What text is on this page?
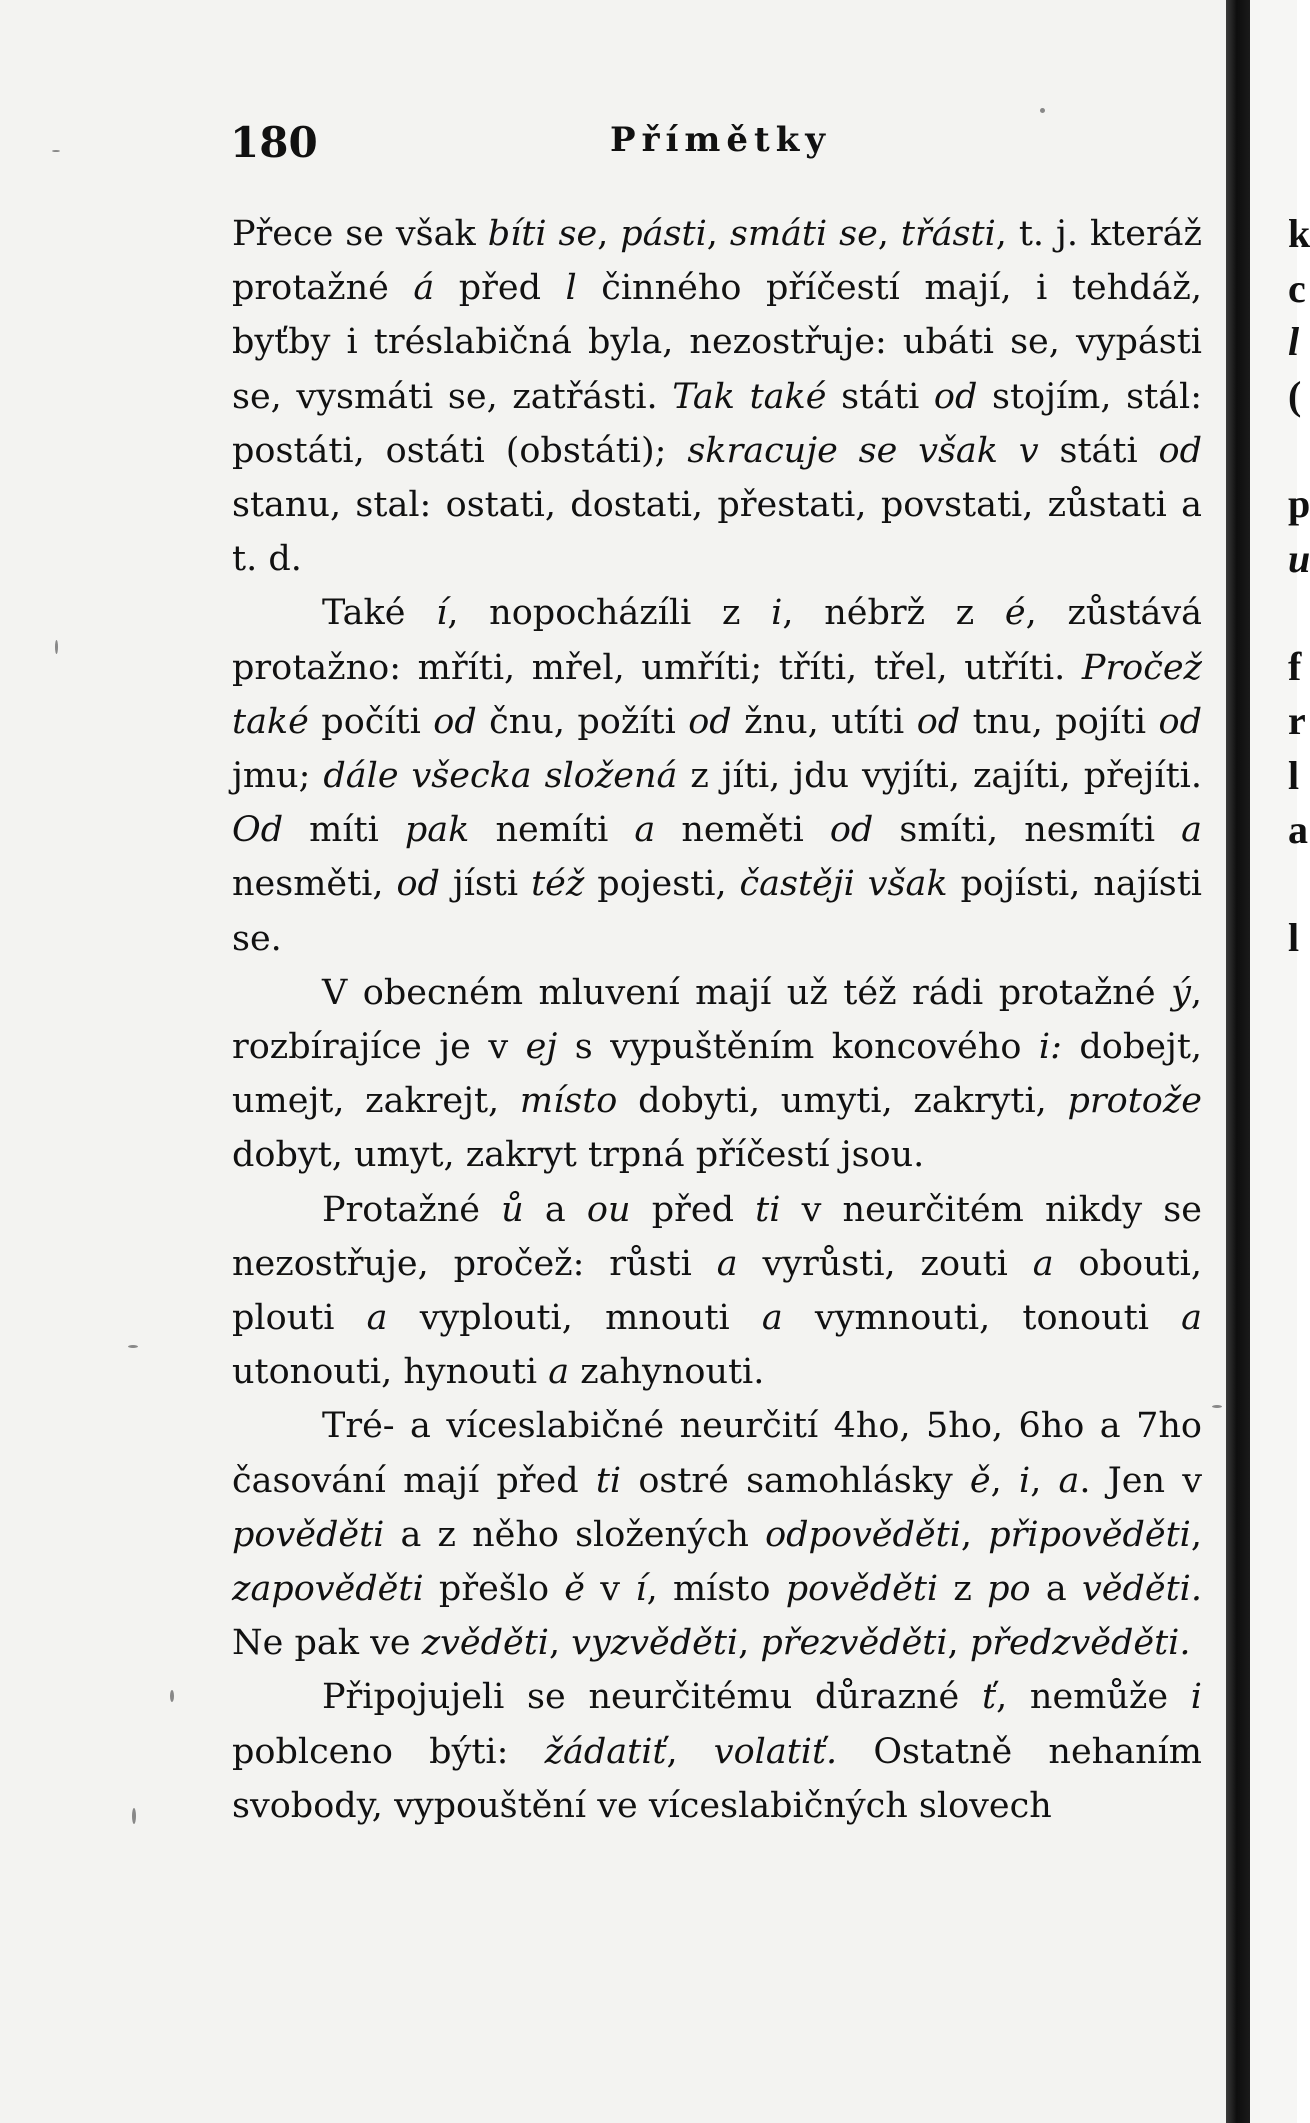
180	Přímětky

Přece se však bíti se, pásti, smáti se, třásti, t. j. kteráž protažné á před l činného příčestí mají, i tehdáž, byťby i tréslabičná byla, nezostřuje: ubáti se, vypásti se, vysmáti se, zatřásti. Tak také státi od stojím, stál: postáti, ostáti (obstáti); skracuje se však v státi od stanu, stal: ostati, dostati, přestati, povstati, zůstati a t. d.

Také í, nopocházíli z i, nébrž z é, zůstává protažno: mříti, mřel, umříti; tříti, třel, utříti. Pročež také počíti od čnu, požíti od žnu, utíti od tnu, pojíti od jmu; dále všecka složená z jíti, jdu vyjíti, zajíti, přejíti. Od míti pak nemíti a neměti od smíti, nesmíti a nesměti, od jísti též pojesti, častěji však pojísti, najísti se.

V obecném mluvení mají už též rádi protažné ý, rozbírajíce je v ej s vypuštěním koncového i: dobejt, umejt, zakrejt, místo dobyti, umyti, zakryti, protože dobyt, umyt, zakryt trpná příčestí jsou.

Protažné ů a ou před ti v neurčitém nikdy se nezostřuje, pročež: růsti a vyrůsti, zouti a obouti, plouti a vyplouti, mnouti a vymnouti, tonouti a utonouti, hynouti a zahynouti.

Tré- a víceslabičné neurčití 4ho, 5ho, 6ho a 7ho časování mají před ti ostré samohlásky ě, i, a. Jen v pověděti a z něho složených odpověděti, připověděti, zapověděti přešlo ě v í, místo pověděti z po a věděti. Ne pak ve zvěděti, vyzvěděti, přezvěděti, předzvěděti.

Připojujeli se neurčitému důrazné ť, nemůže i poblceno býti: žádatiť, volatiť. Ostatně nehaním svobody, vypouštění ve víceslabičných slovech

k
c
l
(
p
u
f
r
l
a
l
